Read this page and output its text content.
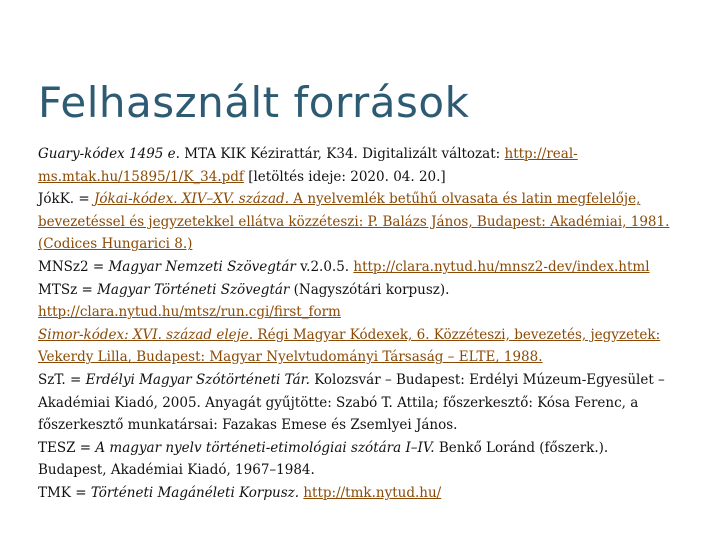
Felhasznált források

Guary-kódex 1495 e. MTA KIK Kézirattár, K34. Digitalizált változat: http://real-ms.mtak.hu/15895/1/K_34.pdf [letöltés ideje: 2020. 04. 20.]

JókK. = Jókai-kódex. XIV–XV. század. A nyelvemlék betűhű olvasata és latin megfelelője, bevezetéssel és jegyzetekkel ellátva közzéteszi: P. Balázs János, Budapest: Akadémiai, 1981. (Codices Hungarici 8.)

MNSz2 = Magyar Nemzeti Szövegtár v.2.0.5. http://clara.nytud.hu/mnsz2-dev/index.html

MTSz = Magyar Történeti Szövegtár (Nagyszótári korpusz). http://clara.nytud.hu/mtsz/run.cgi/first_form

Simor-kódex: XVI. század eleje. Régi Magyar Kódexek, 6. Közzéteszi, bevezetés, jegyzetek: Vekerdy Lilla, Budapest: Magyar Nyelvtudományi Társaság – ELTE, 1988.

SzT. = Erdélyi Magyar Szótörténeti Tár. Kolozsvár – Budapest: Erdélyi Múzeum-Egyesület – Akadémiai Kiadó, 2005. Anyagát gyűjtötte: Szabó T. Attila; főszerkesztő: Kósa Ferenc, a főszerkesztő munkatársai: Fazakas Emese és Zsemlyei János.

TESZ = A magyar nyelv történeti-etimológiai szótára I–IV. Benkő Loránd (főszerk.). Budapest, Akadémiai Kiadó, 1967–1984.

TMK = Történeti Magánéleti Korpusz. http://tmk.nytud.hu/
